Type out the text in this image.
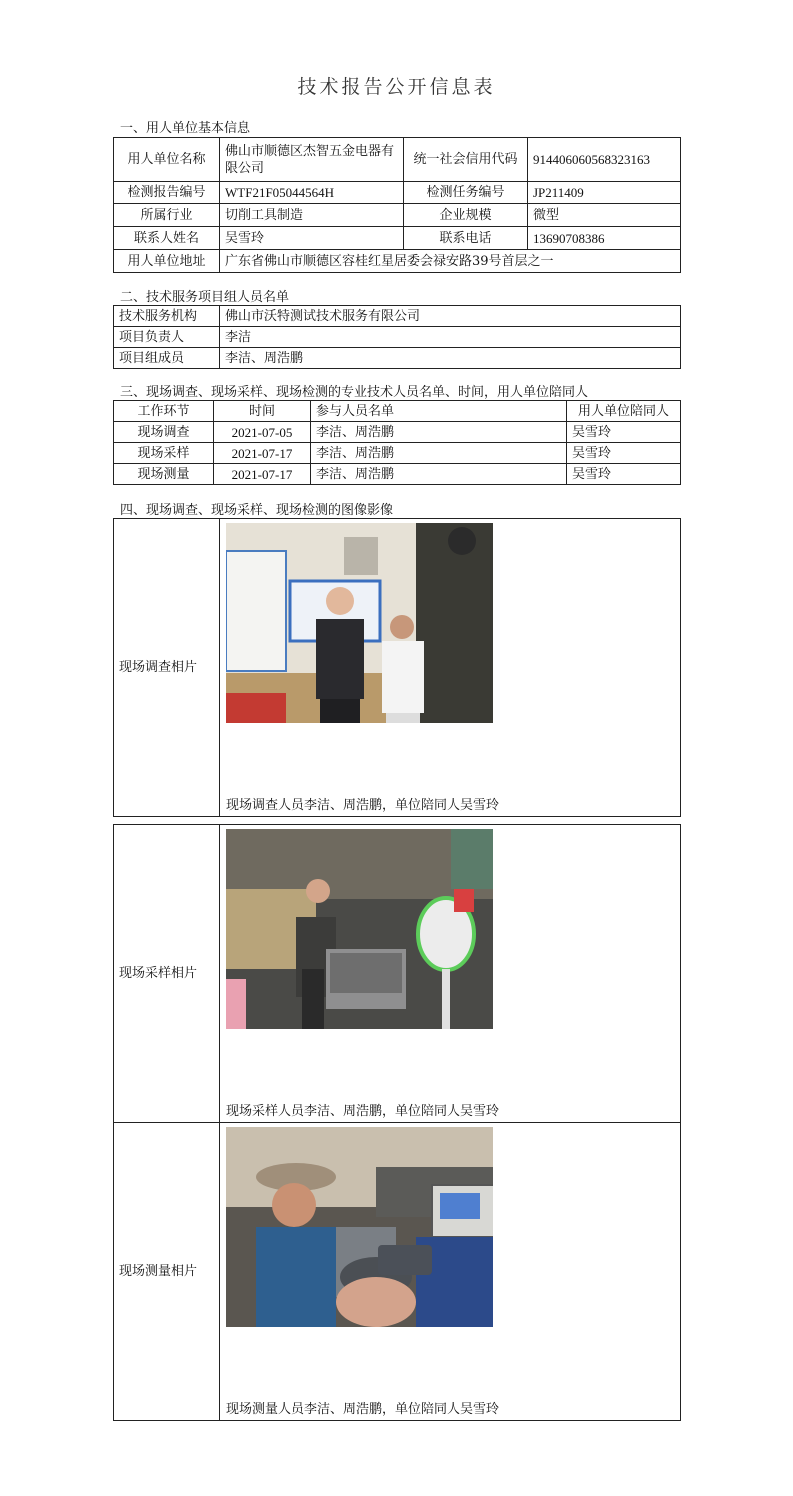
技术报告公开信息表
一、用人单位基本信息
用人单位名称	佛山市顺德区杰智五金电器有限公司	统一社会信用代码	914406060568323163
检测报告编号	WTF21F05044564H	检测任务编号	JP211409
所属行业	切削工具制造	企业规模	微型
联系人姓名	吴雪玲	联系电话	13690708386
用人单位地址	广东省佛山市顺德区容桂红星居委会禄安路39号首层之一		
二、技术服务项目组人员名单
技术服务机构	佛山市沃特测试技术服务有限公司
项目负责人	李洁
项目组成员	李洁、周浩鹏
三、现场调查、现场采样、现场检测的专业技术人员名单、时间，用人单位陪同人
工作环节	时间	参与人员名单	用人单位陪同人
现场调查	2021-07-05	李洁、周浩鹏	吴雪玲
现场采样	2021-07-17	李洁、周浩鹏	吴雪玲
现场测量	2021-07-17	李洁、周浩鹏	吴雪玲
四、现场调查、现场采样、现场检测的图像影像
现场调查相片	
现场调查人员李洁、周浩鹏，单位陪同人吴雪玲
现场采样相片	
现场采样人员李洁、周浩鹏，单位陪同人吴雪玲
现场测量相片	
现场测量人员李洁、周浩鹏，单位陪同人吴雪玲
